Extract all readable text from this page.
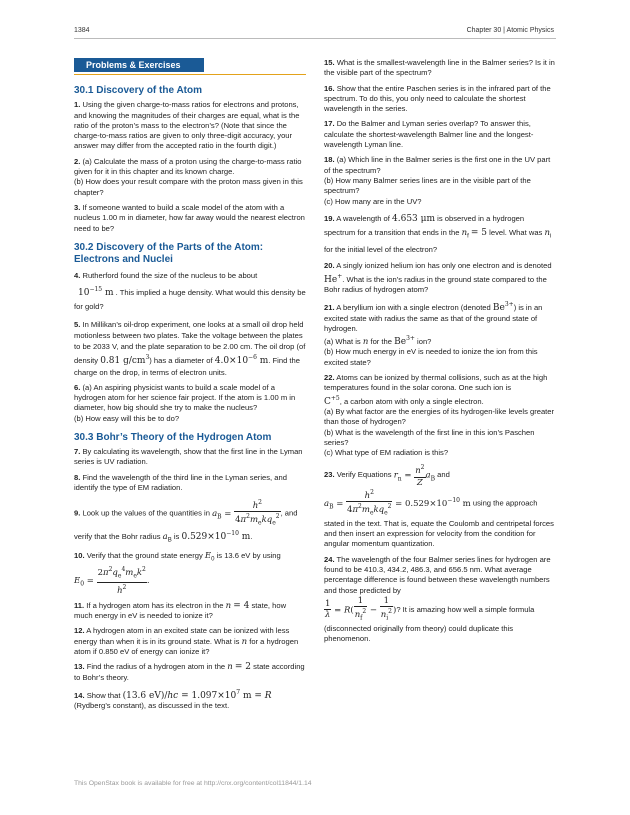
1384	Chapter 30 | Atomic Physics
Problems & Exercises
30.1 Discovery of the Atom

1. Using the given charge-to-mass ratios for electrons and protons, and knowing the magnitudes of their charges are equal, what is the ratio of the proton’s mass to the electron’s? (Note that since the charge-to-mass ratios are given to only three-digit accuracy, your answer may differ from the accepted ratio in the fourth digit.)

2. (a) Calculate the mass of a proton using the charge-to-mass ratio given for it in this chapter and its known charge.
(b) How does your result compare with the proton mass given in this chapter?

3. If someone wanted to build a scale model of the atom with a nucleus 1.00 m in diameter, how far away would the nearest electron need to be?

30.2 Discovery of the Parts of the Atom: Electrons and Nuclei

4. Rutherford found the size of the nucleus to be about
$10^{-15}$ m . This implied a huge density. What would this density be for gold?

5. In Millikan’s oil-drop experiment, one looks at a small oil drop held motionless between two plates. Take the voltage between the plates to be 2033 V, and the plate separation to be 2.00 cm. The oil drop (of density 0.81 $g/cm^3$) has a diameter of $4.0\times 10^{-6}$ m. Find the charge on the drop, in terms of electron units.

6. (a) An aspiring physicist wants to build a scale model of a hydrogen atom for her science fair project. If the atom is 1.00 m in diameter, how big should she try to make the nucleus?
(b) How easy will this be to do?

30.3 Bohr’s Theory of the Hydrogen Atom

7. By calculating its wavelength, show that the first line in the Lyman series is UV radiation.

8. Find the wavelength of the third line in the Lyman series, and identify the type of EM radiation.

9. Look up the values of the quantities in $a_B = \frac{h^2}{4\pi^2m_ekq_e^2}$ , and verify that the Bohr radius $a_B$ is $0.529\times 10^{-10}$ m.

10. Verify that the ground state energy $E_0$ is 13.6 eV by using $E_0 = \frac{2\pi^2q_e^4m_ek^2}{h^2}$ .

11. If a hydrogen atom has its electron in the n = 4 state, how much energy in eV is needed to ionize it?

12. A hydrogen atom in an excited state can be ionized with less energy than when it is in its ground state. What is n for a hydrogen atom if 0.850 eV of energy can ionize it?

13. Find the radius of a hydrogen atom in the n = 2 state according to Bohr’s theory.

14. Show that (13.6 $eV)/hc = 1.097\times 10^7$ m = R
(Rydberg’s constant), as discussed in the text.

15. What is the smallest-wavelength line in the Balmer series? Is it in the visible part of the spectrum?

16. Show that the entire Paschen series is in the infrared part of the spectrum. To do this, you only need to calculate the shortest wavelength in the series.

17. Do the Balmer and Lyman series overlap? To answer this, calculate the shortest-wavelength Balmer line and the longest-wavelength Lyman line.

18. (a) Which line in the Balmer series is the first one in the UV part of the spectrum?
(b) How many Balmer series lines are in the visible part of the spectrum?
(c) How many are in the UV?

19. A wavelength of 4.653 μm is observed in a hydrogen spectrum for a transition that ends in the $n_f = 5$ level. What was $n_i$ for the initial level of the electron?

20. A singly ionized helium ion has only one electron and is denoted He+. What is the ion’s radius in the ground state compared to the Bohr radius of hydrogen atom?

21. A beryllium ion with a single electron (denoted $Be^{3+}$) is in an excited state with radius the same as that of the ground state of hydrogen.
(a) What is n for the $Be^{3+}$ ion?
(b) How much energy in eV is needed to ionize the ion from this excited state?

22. Atoms can be ionized by thermal collisions, such as at the high temperatures found in the solar corona. One such ion is
$C^{+5}$, a carbon atom with only a single electron.
(a) By what factor are the energies of its hydrogen-like levels greater than those of hydrogen?
(b) What is the wavelength of the first line in this ion’s Paschen series?
(c) What type of EM radiation is this?

23. Verify Equations $r_n = \frac{n^2}{Z} a_B$ and
$a_B = \frac{h^2}{4\pi^2m_ekq_e^2} = 0.529\times 10^{-10}$ m using the approach stated in the text. That is, equate the Coulomb and centripetal forces and then insert an expression for velocity from the condition for angular momentum quantization.

24. The wavelength of the four Balmer series lines for hydrogen are found to be 410.3, 434.2, 486.3, and 656.5 nm. What average percentage difference is found between these wavelength numbers and those predicted by

$\frac{1}{\lambda} = R( \frac{1}{n_f^2} - \frac{1}{n_i^2}$ )? It is amazing how well a simple formula (disconnected originally from theory) could duplicate this phenomenon.

This OpenStax book is available for free at http://cnx.org/content/col11844/1.14
